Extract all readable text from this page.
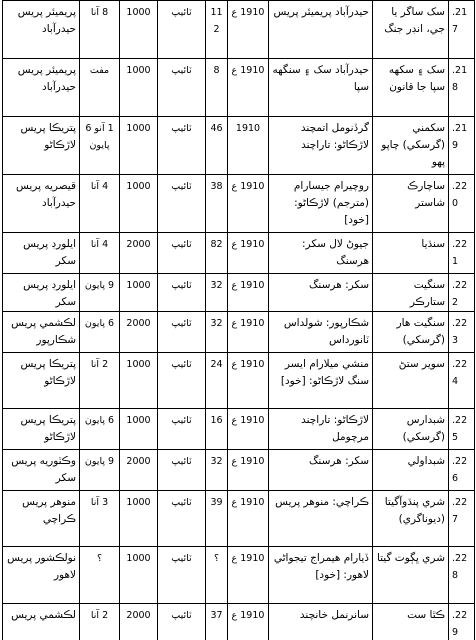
.217	سک ساگر يا جي، انڊر جنگ	حيدرآباد پريميئر پريس	1910 ع	112	ٽائيپ	1000	8 آنا	پريميئر پريس حيدرآباد
.218	سک ۽ سکهه سپا جا قانون	حيدرآباد سک ۽ سنگهه سپا	1910 ع	8	ٽائيپ	1000	مفت	پريميئر پريس حيدرآباد
.219	سکمني (گرسکي) چاپو پهو	گرڏنومل اتمچند لاڙڪاڻو: تاراچند	1910	46	ٽائيپ	1000	1 آنو 6 پايون	پتريڪا پريس لاڙڪاڻو
.220	ساچارڪ شاستر	روچيرام جيسارام (مترجم) لاڙڪاڻو: [خود]	1910 ع	38	ٽائيپ	1000	4 آنا	قيصريه پريس حيدرآباد
.221	سنڌيا	جيوڻ لال سکر: هرسنگ	1910 ع	82	ٽائيپ	2000	4 آنا	ايلورڊ پريس سکر
.222	سنگيت ستارڪر	سکر: هرسنگ	1910 ع	32	ٽائيپ	1000	9 پايون	ايلورڊ پريس سکر
.223	سنگيت هار (گرسکي)	شڪارپور: شولداس ٽانورداس	1910 ع	32	ٽائيپ	2000	6 پايون	لڪشمي پريس شڪارپور
.224	سوير ستڻ	منشي ميلارام ايسر سنگ لاڙڪاڻو: [خود]	1910 ع	24	ٽائيپ	1000	2 آنا	پتريڪا پريس لاڙڪاڻو
.225	شبدارس (گرسکي)	لاڙڪاڻو: تاراچند مرچومل	1910 ع	16	ٽائيپ	1000	6 پايون	پتريڪا پريس لاڙڪاڻو
.226	شبداولي	سکر: هرسنگ	1910 ع	32	ٽائيپ	2000	9 پايون	وڪٽوريه پريس سکر
.227	شري پنڌوآگيتا (ديوناگري)	ڪراچي: منوهر پريس	1910 ع	39	ٽائيپ	1000	3 آنا	منوهر پريس ڪراچي
.228	شري ڀڳوت گيتا	ڏيارام هيمراج تيجواڻي لاهور: [خود]	1910 ع	؟	ٽائيپ	1000	؟	نولڪشور پريس لاهور
.229	ڪٿا ست	سانرنمل خانچند	1910 ع	37	ٽائيپ	2000	2 آنا	لڪشمي پريس
